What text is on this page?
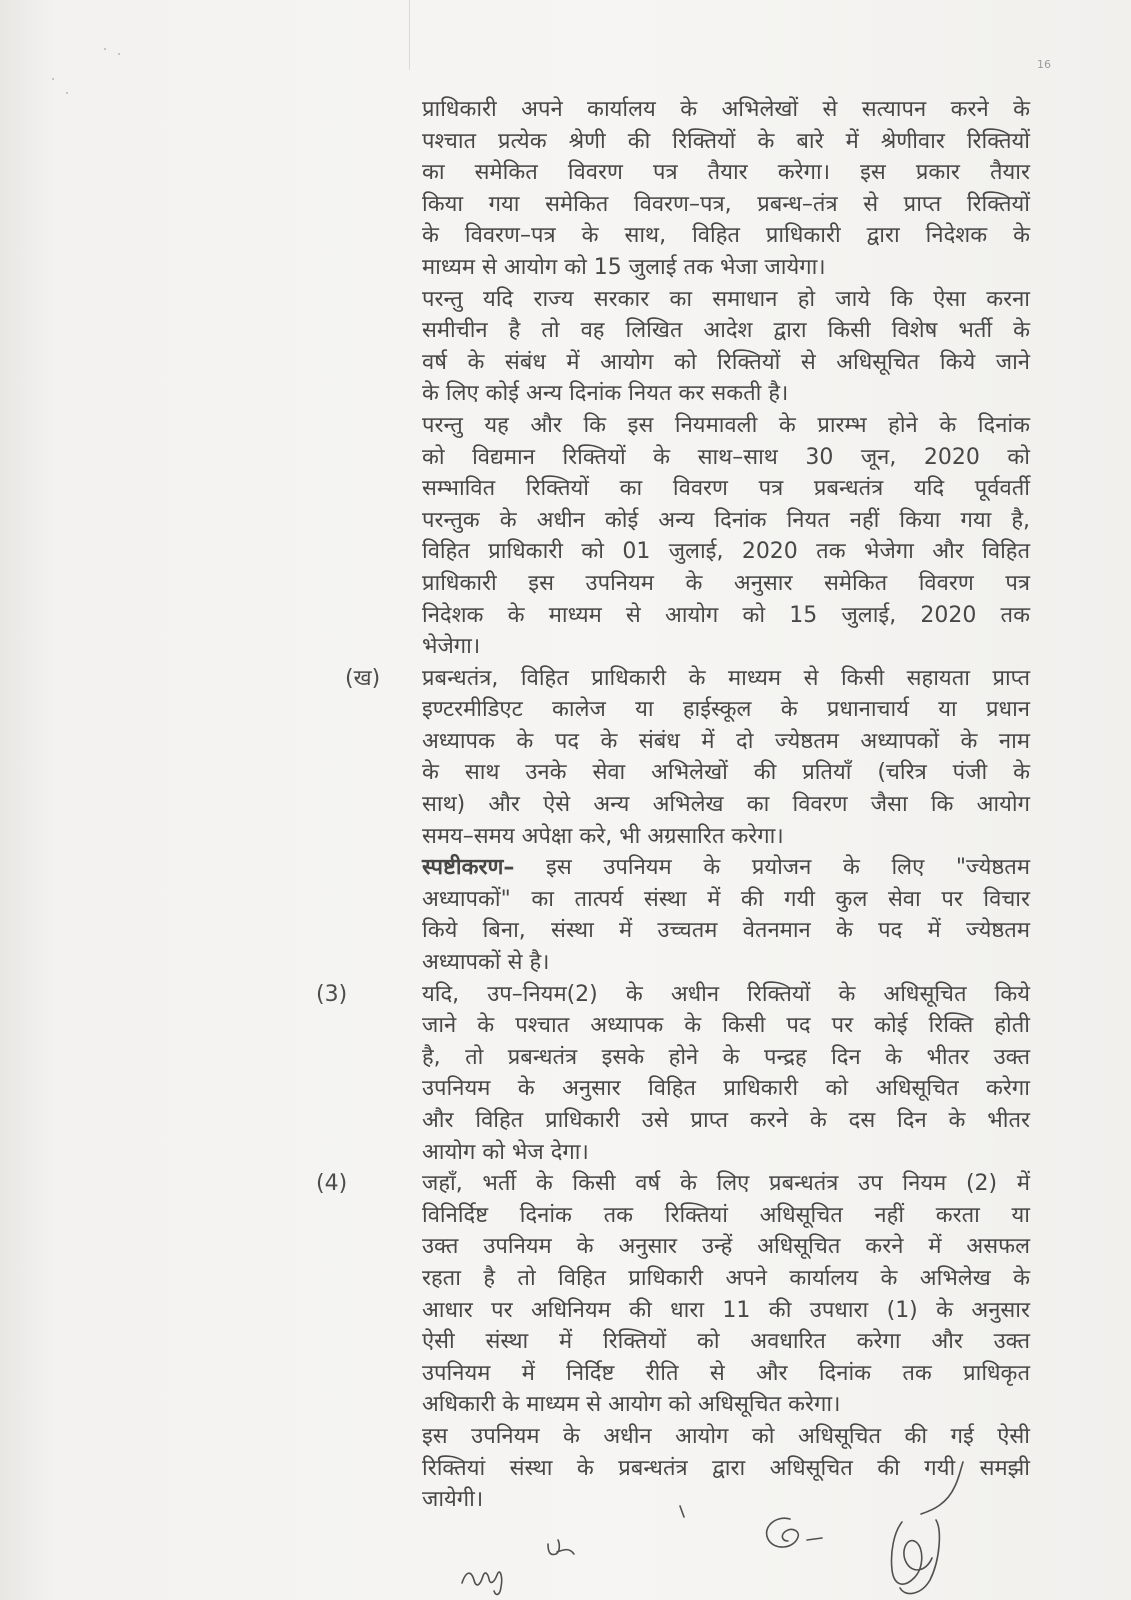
16
प्राधिकारी अपने कार्यालय के अभिलेखों से सत्यापन करने के
पश्चात प्रत्येक श्रेणी की रिक्तियों के बारे में श्रेणीवार रिक्तियों
का समेकित विवरण पत्र तैयार करेगा। इस प्रकार तैयार
किया गया समेकित विवरण–पत्र, प्रबन्ध–तंत्र से प्राप्त रिक्तियों
के विवरण–पत्र के साथ, विहित प्राधिकारी द्वारा निदेशक के
माध्यम से आयोग को 15 जुलाई तक भेजा जायेगा।
परन्तु यदि राज्य सरकार का समाधान हो जाये कि ऐसा करना
समीचीन है तो वह लिखित आदेश द्वारा किसी विशेष भर्ती के
वर्ष के संबंध में आयोग को रिक्तियों से अधिसूचित किये जाने
के लिए कोई अन्य दिनांक नियत कर सकती है।
परन्तु यह और कि इस नियमावली के प्रारम्भ होने के दिनांक
को विद्यमान रिक्तियों के साथ–साथ 30 जून, 2020 को
सम्भावित रिक्तियों का विवरण पत्र प्रबन्धतंत्र यदि पूर्ववर्ती
परन्तुक के अधीन कोई अन्य दिनांक नियत नहीं किया गया है,
विहित प्राधिकारी को 01 जुलाई, 2020 तक भेजेगा और विहित
प्राधिकारी इस उपनियम के अनुसार समेकित विवरण पत्र
निदेशक के माध्यम से आयोग को 15 जुलाई, 2020 तक
भेजेगा।
(ख) प्रबन्धतंत्र, विहित प्राधिकारी के माध्यम से किसी सहायता प्राप्त
इण्टरमीडिएट कालेज या हाईस्कूल के प्रधानाचार्य या प्रधान
अध्यापक के पद के संबंध में दो ज्येष्ठतम अध्यापकों के नाम
के साथ उनके सेवा अभिलेखों की प्रतियाँ (चरित्र पंजी के
साथ) और ऐसे अन्य अभिलेख का विवरण जैसा कि आयोग
समय–समय अपेक्षा करे, भी अग्रसारित करेगा।
स्पष्टीकरण– इस उपनियम के प्रयोजन के लिए "ज्येष्ठतम
अध्यापकों" का तात्पर्य संस्था में की गयी कुल सेवा पर विचार
किये बिना, संस्था में उच्चतम वेतनमान के पद में ज्येष्ठतम
अध्यापकों से है।
(3)	यदि, उप–नियम(2) के अधीन रिक्तियों के अधिसूचित किये
जाने के पश्चात अध्यापक के किसी पद पर कोई रिक्ति होती
है, तो प्रबन्धतंत्र इसके होने के पन्द्रह दिन के भीतर उक्त
उपनियम के अनुसार विहित प्राधिकारी को अधिसूचित करेगा
और विहित प्राधिकारी उसे प्राप्त करने के दस दिन के भीतर
आयोग को भेज देगा।
(4)	जहाँ, भर्ती के किसी वर्ष के लिए प्रबन्धतंत्र उप नियम (2) में
विनिर्दिष्ट दिनांक तक रिक्तियां अधिसूचित नहीं करता या
उक्त उपनियम के अनुसार उन्हें अधिसूचित करने में असफल
रहता है तो विहित प्राधिकारी अपने कार्यालय के अभिलेख के
आधार पर अधिनियम की धारा 11 की उपधारा (1) के अनुसार
ऐसी संस्था में रिक्तियों को अवधारित करेगा और उक्त
उपनियम में निर्दिष्ट रीति से और दिनांक तक प्राधिकृत
अधिकारी के माध्यम से आयोग को अधिसूचित करेगा।
इस उपनियम के अधीन आयोग को अधिसूचित की गई ऐसी
रिक्तियां संस्था के प्रबन्धतंत्र द्वारा अधिसूचित की गयी समझी
जायेगी।
